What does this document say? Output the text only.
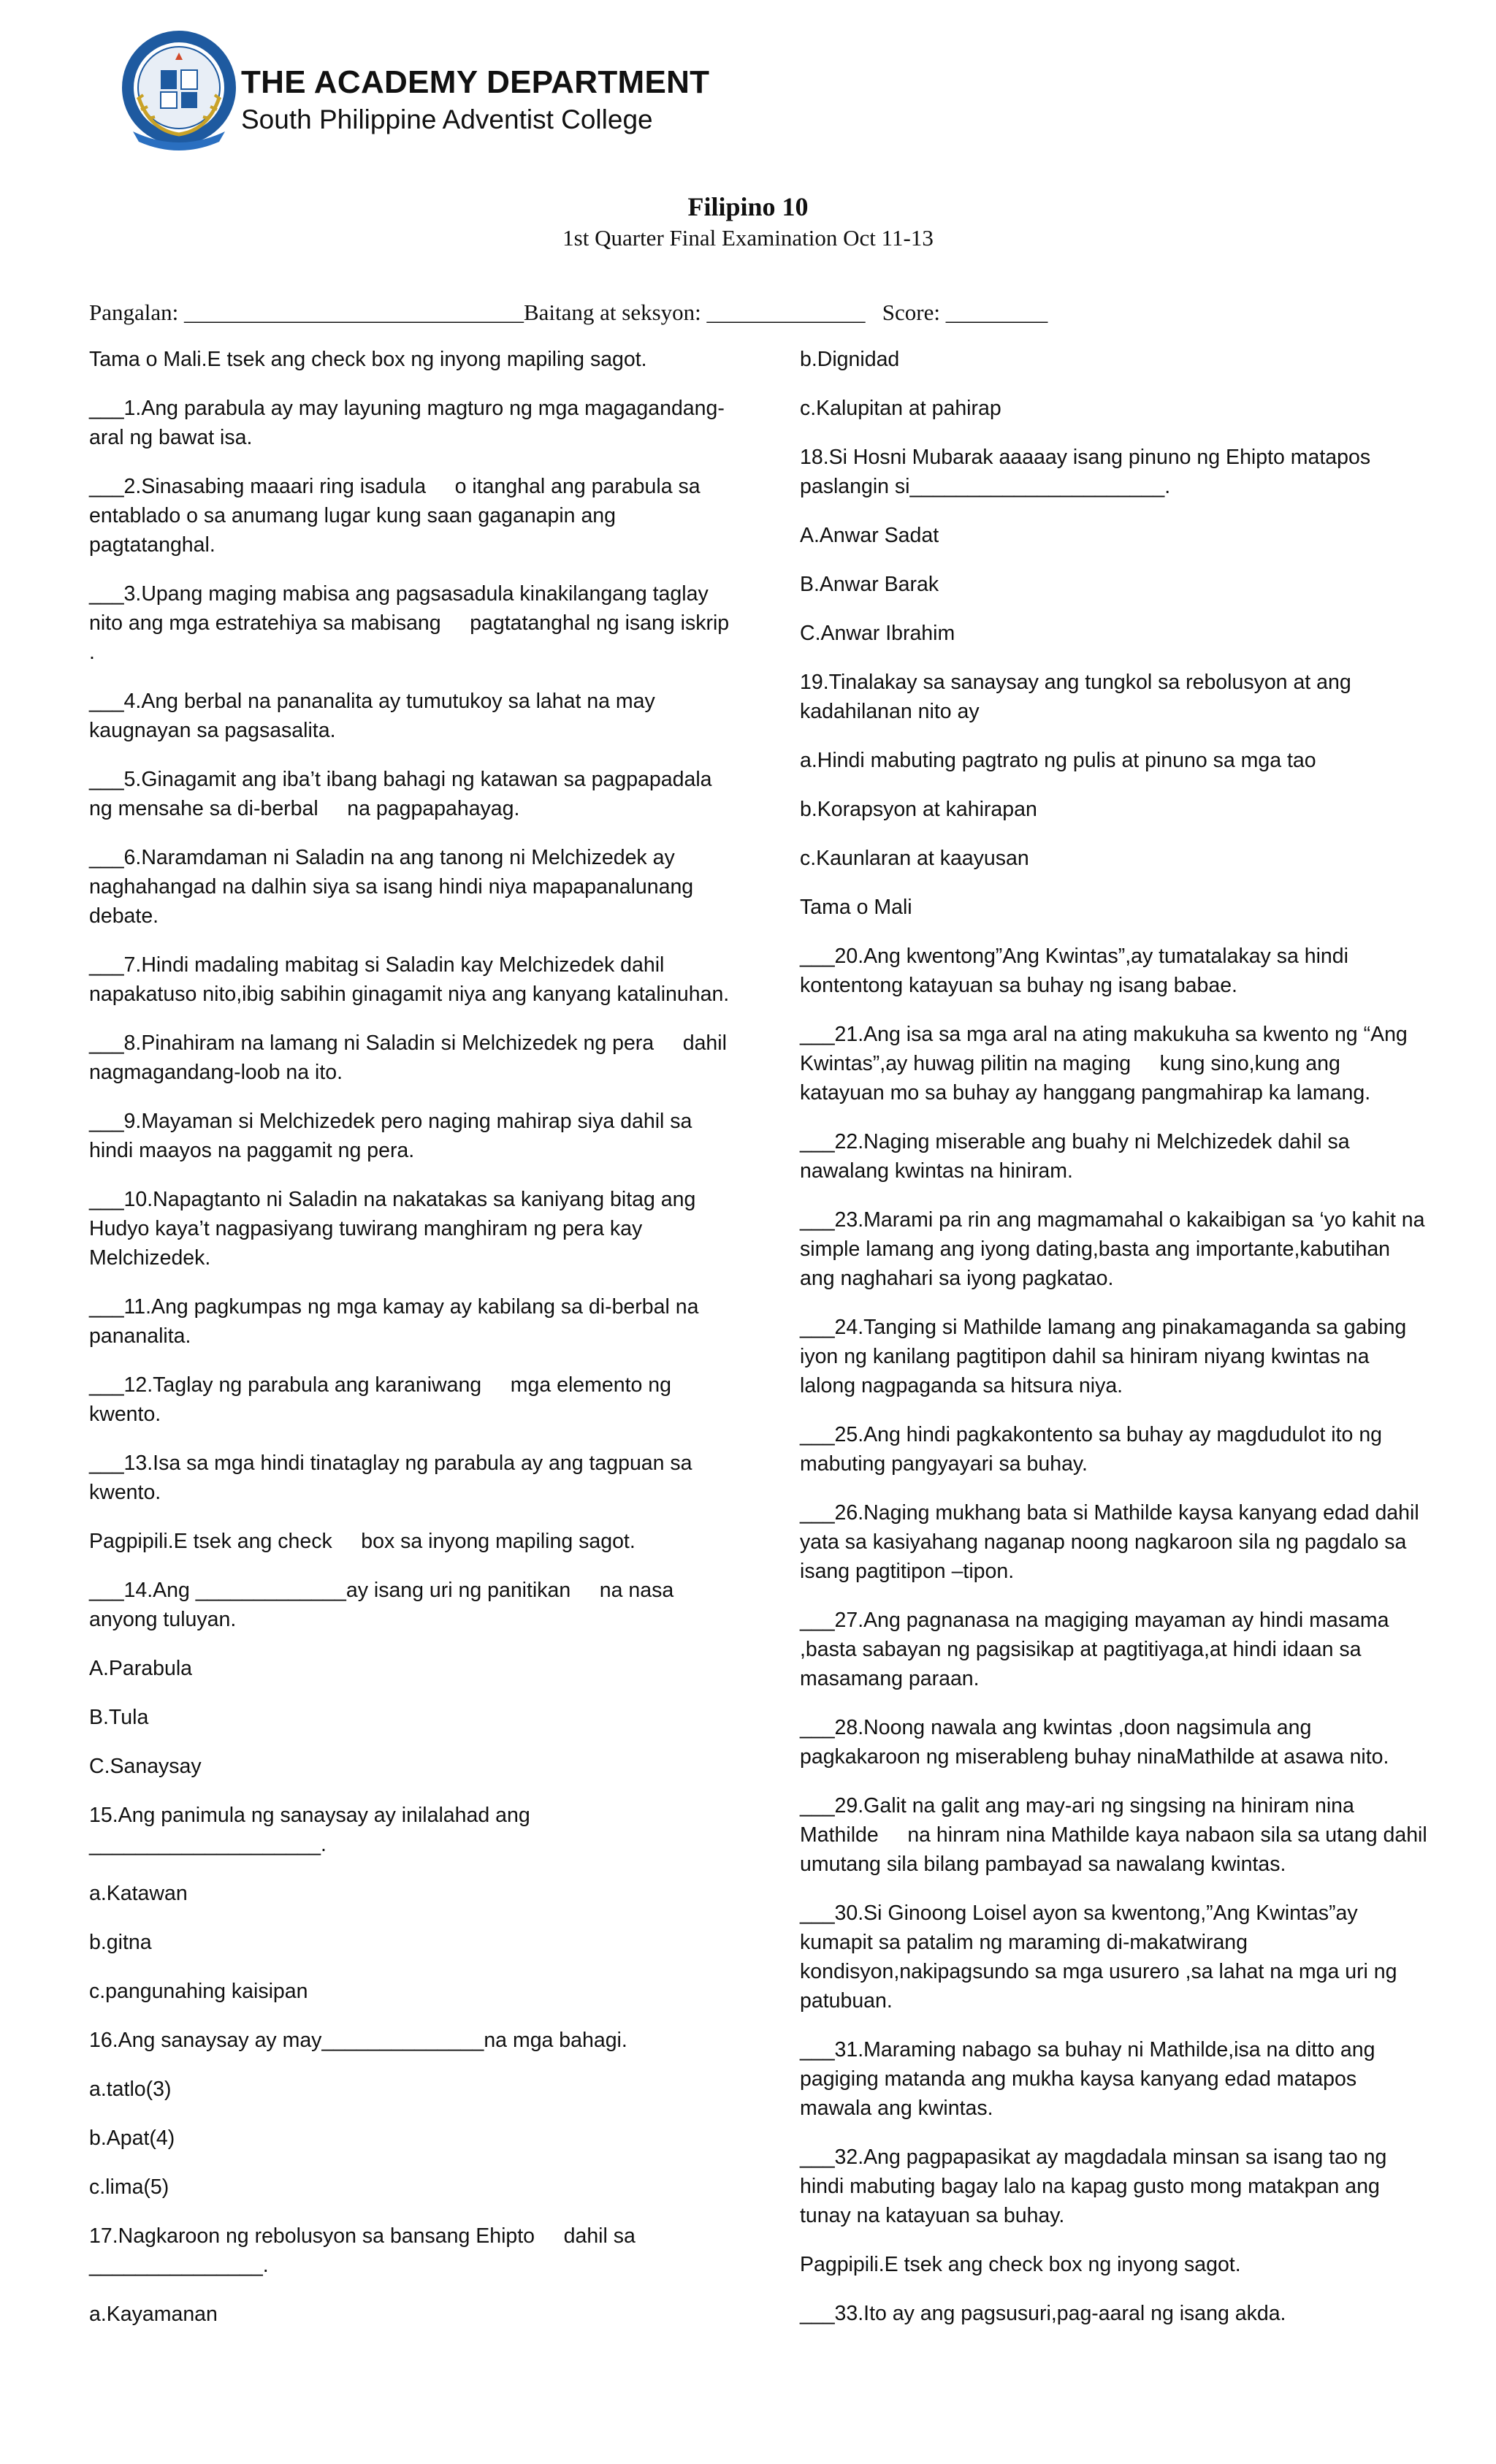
THE ACADEMY DEPARTMENT
South Philippine Adventist College
Filipino 10
1st Quarter Final Examination Oct 11-13
Pangalan: ______________________________Baitang at seksyon: ______________ Score: _________

Tama o Mali.E tsek ang check box ng inyong mapiling sagot.

___1.Ang parabula ay may layuning magturo ng mga magagandang-aral ng bawat isa.

___2.Sinasabing maaari ring isadula     o itanghal ang parabula sa entablado o sa anumang lugar kung saan gaganapin ang pagtatanghal.

___3.Upang maging mabisa ang pagsasadula kinakilangang taglay nito ang mga estratehiya sa mabisang     pagtatanghal ng isang iskrip .

___4.Ang berbal na pananalita ay tumutukoy sa lahat na may kaugnayan sa pagsasalita.

___5.Ginagamit ang iba’t ibang bahagi ng katawan sa pagpapadala ng mensahe sa di-berbal     na pagpapahayag.

___6.Naramdaman ni Saladin na ang tanong ni Melchizedek ay naghahangad na dalhin siya sa isang hindi niya mapapanalunang debate.

___7.Hindi madaling mabitag si Saladin kay Melchizedek dahil napakatuso nito,ibig sabihin ginagamit niya ang kanyang katalinuhan.

___8.Pinahiram na lamang ni Saladin si Melchizedek ng pera     dahil nagmagandang-loob na ito.

___9.Mayaman si Melchizedek pero naging mahirap siya dahil sa hindi maayos na paggamit ng pera.

___10.Napagtanto ni Saladin na nakatakas sa kaniyang bitag ang Hudyo kaya’t nagpasiyang tuwirang manghiram ng pera kay Melchizedek.

___11.Ang pagkumpas ng mga kamay ay kabilang sa di-berbal na pananalita.

___12.Taglay ng parabula ang karaniwang     mga elemento ng kwento.

___13.Isa sa mga hindi tinataglay ng parabula ay ang tagpuan sa kwento.

Pagpipili.E tsek ang check     box sa inyong mapiling sagot.

___14.Ang _____________ay isang uri ng panitikan     na nasa anyong tuluyan.

A.Parabula

B.Tula

C.Sanaysay

15.Ang panimula ng sanaysay ay inilalahad ang ____________________.

a.Katawan

b.gitna

c.pangunahing kaisipan

16.Ang sanaysay ay may______________na mga bahagi.

a.tatlo(3)

b.Apat(4)

c.lima(5)

17.Nagkaroon ng rebolusyon sa bansang Ehipto     dahil sa _______________.

a.Kayamanan

b.Dignidad

c.Kalupitan at pahirap

18.Si Hosni Mubarak aaaaay isang pinuno ng Ehipto matapos paslangin si______________________.

A.Anwar Sadat

B.Anwar Barak

C.Anwar Ibrahim

19.Tinalakay sa sanaysay ang tungkol sa rebolusyon at ang kadahilanan nito ay

a.Hindi mabuting pagtrato ng pulis at pinuno sa mga tao

b.Korapsyon at kahirapan

c.Kaunlaran at kaayusan

Tama o Mali

___20.Ang kwentong”Ang Kwintas”,ay tumatalakay sa hindi kontentong katayuan sa buhay ng isang babae.

___21.Ang isa sa mga aral na ating makukuha sa kwento ng “Ang Kwintas”,ay huwag pilitin na maging     kung sino,kung ang katayuan mo sa buhay ay hanggang pangmahirap ka lamang.

___22.Naging miserable ang buahy ni Melchizedek dahil sa nawalang kwintas na hiniram.

___23.Marami pa rin ang magmamahal o kakaibigan sa ‘yo kahit na simple lamang ang iyong dating,basta ang importante,kabutihan ang naghahari sa iyong pagkatao.

___24.Tanging si Mathilde lamang ang pinakamaganda sa gabing iyon ng kanilang pagtitipon dahil sa hiniram niyang kwintas na lalong nagpaganda sa hitsura niya.

___25.Ang hindi pagkakontento sa buhay ay magdudulot ito ng mabuting pangyayari sa buhay.

___26.Naging mukhang bata si Mathilde kaysa kanyang edad dahil yata sa kasiyahang naganap noong nagkaroon sila ng pagdalo sa isang pagtitipon –tipon.

___27.Ang pagnanasa na magiging mayaman ay hindi masama ,basta sabayan ng pagsisikap at pagtitiyaga,at hindi idaan sa masamang paraan.

___28.Noong nawala ang kwintas ,doon nagsimula ang pagkakaroon ng miserableng buhay ninaMathilde at asawa nito.

___29.Galit na galit ang may-ari ng singsing na hiniram nina Mathilde     na hinram nina Mathilde kaya nabaon sila sa utang dahil umutang sila bilang pambayad sa nawalang kwintas.

___30.Si Ginoong Loisel ayon sa kwentong,”Ang Kwintas”ay kumapit sa patalim ng maraming di-makatwirang kondisyon,nakipagsundo sa mga usurero ,sa lahat na mga uri ng patubuan.

___31.Maraming nabago sa buhay ni Mathilde,isa na ditto ang pagiging matanda ang mukha kaysa kanyang edad matapos mawala ang kwintas.

___32.Ang pagpapasikat ay magdadala minsan sa isang tao ng hindi mabuting bagay lalo na kapag gusto mong matakpan ang tunay na katayuan sa buhay.

Pagpipili.E tsek ang check box ng inyong sagot.

___33.Ito ay ang pagsusuri,pag-aaral ng isang akda.
